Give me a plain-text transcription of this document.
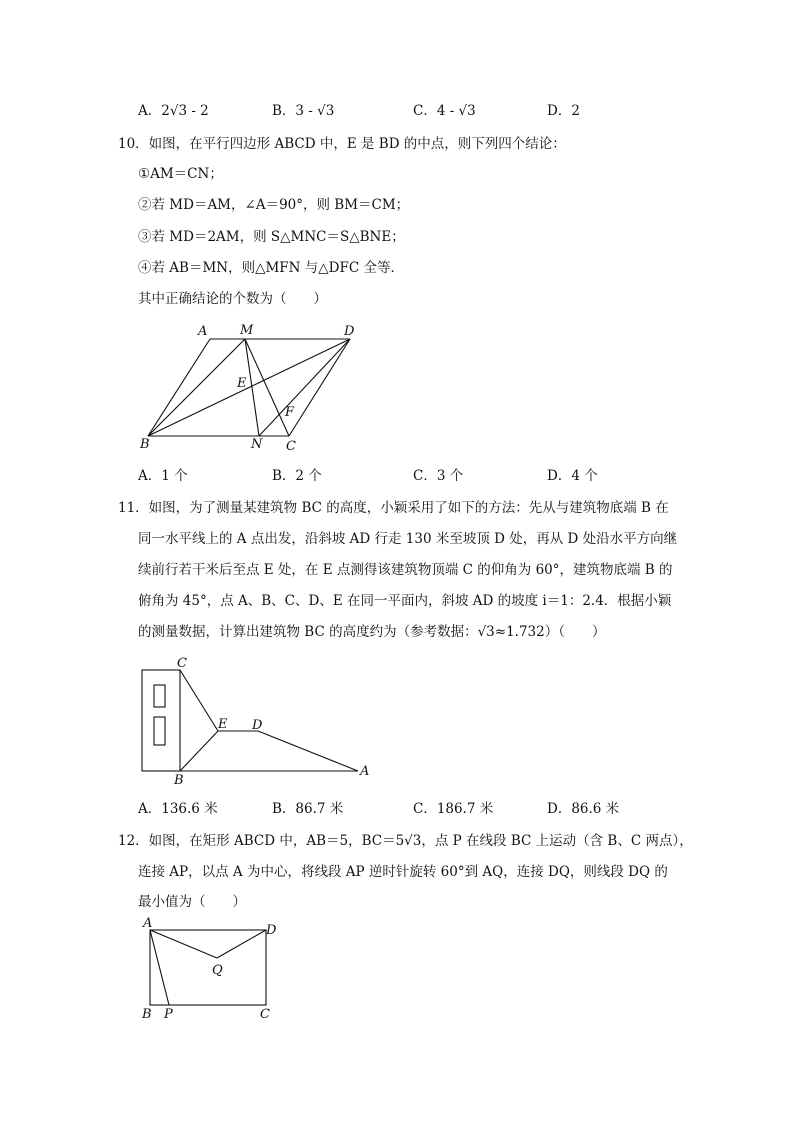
A．2√3 - 2	B．3 - √3	C．4 - √3	D．2
10．如图，在平行四边形 ABCD 中，E 是 BD 的中点，则下列四个结论：
①AM＝CN；
②若 MD＝AM，∠A＝90°，则 BM＝CM；
③若 MD＝2AM，则 S△MNC＝S△BNE；
④若 AB＝MN，则△MFN 与△DFC 全等．
其中正确结论的个数为（　　）
A	M	D
E
F
B	N C
A．1 个	B．2 个	C．3 个	D．4 个
11．如图，为了测量某建筑物 BC 的高度，小颖采用了如下的方法：先从与建筑物底端 B 在
同一水平线上的 A 点出发，沿斜坡 AD 行走 130 米至坡顶 D 处，再从 D 处沿水平方向继
续前行若干米后至点 E 处，在 E 点测得该建筑物顶端 C 的仰角为 60°，建筑物底端 B 的
俯角为 45°，点 A、B、C、D、E 在同一平面内，斜坡 AD 的坡度 i＝1：2.4．根据小颖
的测量数据，计算出建筑物 BC 的高度约为（参考数据：√3≈1.732）（　　）
C
E D
B
A
A．136.6 米	B．86.7 米	C．186.7 米	D．86.6 米
12．如图，在矩形 ABCD 中，AB＝5，BC＝5√3，点 P 在线段 BC 上运动（含 B、C 两点），
连接 AP，以点 A 为中心，将线段 AP 逆时针旋转 60°到 AQ，连接 DQ，则线段 DQ 的
最小值为（　　）
A	D
Q
B P	C
